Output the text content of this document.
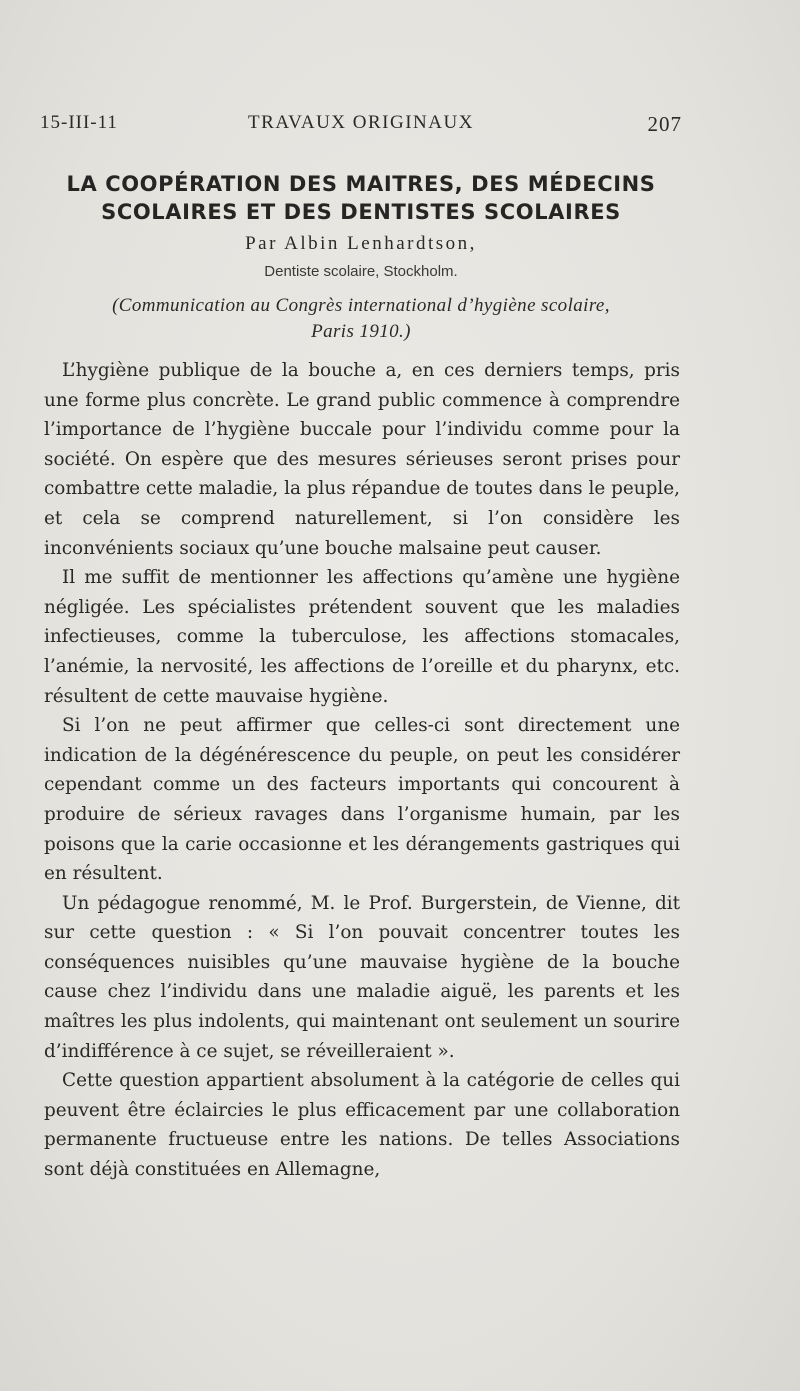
15-III-11	TRAVAUX ORIGINAUX	207
LA COOPÉRATION DES MAITRES, DES MÉDECINS
SCOLAIRES ET DES DENTISTES SCOLAIRES
Par Albin Lenhardtson,
Dentiste scolaire, Stockholm.
(Communication au Congrès international d’hygiène scolaire,
Paris 1910.)

L’hygiène publique de la bouche a, en ces derniers temps, pris une forme plus concrète. Le grand public commence à comprendre l’importance de l’hygiène buccale pour l’individu comme pour la société. On espère que des mesures sérieuses seront prises pour combattre cette maladie, la plus répandue de toutes dans le peuple, et cela se comprend naturellement, si l’on considère les inconvénients sociaux qu’une bouche malsaine peut causer.

Il me suffit de mentionner les affections qu’amène une hygiène négligée. Les spécialistes prétendent souvent que les maladies infectieuses, comme la tuberculose, les affections stomacales, l’anémie, la nervosité, les affections de l’oreille et du pharynx, etc. résultent de cette mauvaise hygiène.

Si l’on ne peut affirmer que celles-ci sont directement une indication de la dégénérescence du peuple, on peut les considérer cependant comme un des facteurs importants qui concourent à produire de sérieux ravages dans l’organisme humain, par les poisons que la carie occasionne et les dérangements gastriques qui en résultent.

Un pédagogue renommé, M. le Prof. Burgerstein, de Vienne, dit sur cette question : « Si l’on pouvait concentrer toutes les conséquences nuisibles qu’une mauvaise hygiène de la bouche cause chez l’individu dans une maladie aiguë, les parents et les maîtres les plus indolents, qui maintenant ont seulement un sourire d’indifférence à ce sujet, se réveilleraient ».

Cette question appartient absolument à la catégorie de celles qui peuvent être éclaircies le plus efficacement par une collaboration permanente fructueuse entre les nations. De telles Associations sont déjà constituées en Allemagne,
